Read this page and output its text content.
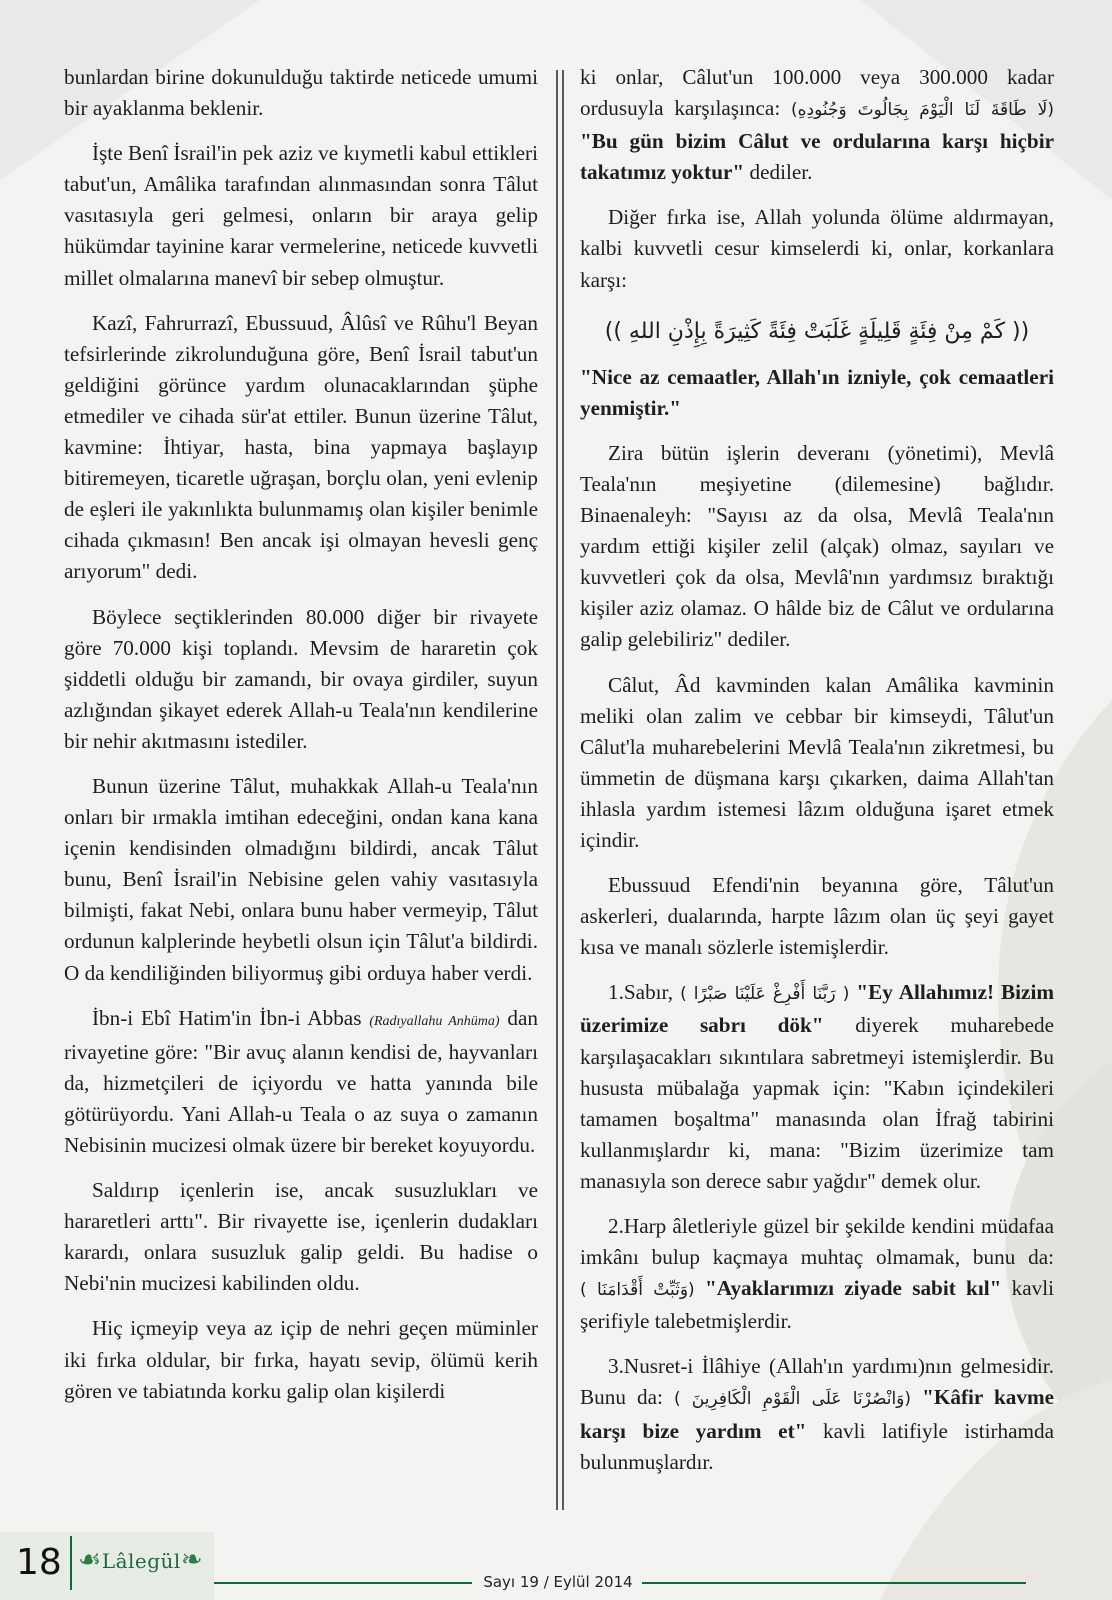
bunlardan birine dokunulduğu taktirde neticede umumi bir ayaklanma beklenir.

İşte Benî İsrail'in pek aziz ve kıymetli kabul ettikleri tabut'un, Amâlika tarafından alınmasından sonra Tâlut vasıtasıyla geri gelmesi, onların bir araya gelip hükümdar tayinine karar vermelerine, neticede kuvvetli millet olmalarına manevî bir sebep olmuştur.

Kazî, Fahrurrazî, Ebussuud, Âlûsî ve Rûhu'l Beyan tefsirlerinde zikrolunduğuna göre, Benî İsrail tabut'un geldiğini görünce yardım olunacaklarından şüphe etmediler ve cihada sür'at ettiler. Bunun üzerine Tâlut, kavmine: İhtiyar, hasta, bina yapmaya başlayıp bitiremeyen, ticaretle uğraşan, borçlu olan, yeni evlenip de eşleri ile yakınlıkta bulunmamış olan kişiler benimle cihada çıkmasın! Ben ancak işi olmayan hevesli genç arıyorum" dedi.

Böylece seçtiklerinden 80.000 diğer bir rivayete göre 70.000 kişi toplandı. Mevsim de hararetin çok şiddetli olduğu bir zamandı, bir ovaya girdiler, suyun azlığından şikayet ederek Allah-u Teala'nın kendilerine bir nehir akıtmasını istediler.

Bunun üzerine Tâlut, muhakkak Allah-u Teala'nın onları bir ırmakla imtihan edeceğini, ondan kana kana içenin kendisinden olmadığını bildirdi, ancak Tâlut bunu, Benî İsrail'in Nebisine gelen vahiy vasıtasıyla bilmişti, fakat Nebi, onlara bunu haber vermeyip, Tâlut ordunun kalplerinde heybetli olsun için Tâlut'a bildirdi. O da kendiliğinden biliyormuş gibi orduya haber verdi.

İbn-i Ebî Hatim'in İbn-i Abbas (Radıyallahu Anhüma) dan rivayetine göre: "Bir avuç alanın kendisi de, hayvanları da, hizmetçileri de içiyordu ve hatta yanında bile götürüyordu. Yani Allah-u Teala o az suya o zamanın Nebisinin mucizesi olmak üzere bir bereket koyuyordu.

Saldırıp içenlerin ise, ancak susuzlukları ve hararetleri arttı". Bir rivayette ise, içenlerin dudakları karardı, onlara susuzluk galip geldi. Bu hadise o Nebi'nin mucizesi kabilinden oldu.

Hiç içmeyip veya az içip de nehri geçen müminler iki fırka oldular, bir fırka, hayatı sevip, ölümü kerih gören ve tabiatında korku galip olan kişilerdi

ki onlar, Câlut'un 100.000 veya 300.000 kadar ordusuyla karşılaşınca: (لَا طَاقَةَ لَنَا الْيَوْمَ بِجَالُوتَ وَجُنُودِهِ) "Bu gün bizim Câlut ve ordularına karşı hiçbir takatımız yoktur" dediler.

Diğer fırka ise, Allah yolunda ölüme aldırmayan, kalbi kuvvetli cesur kimselerdi ki, onlar, korkanlara karşı:

(( كَمْ مِنْ فِئَةٍ قَلِيلَةٍ غَلَبَتْ فِئَةً كَثِيرَةً بِإِذْنِ اللهِ ))

"Nice az cemaatler, Allah'ın izniyle, çok cemaatleri yenmiştir."

Zira bütün işlerin deveranı (yönetimi), Mevlâ Teala'nın meşiyetine (dilemesine) bağlıdır. Binaenaleyh: "Sayısı az da olsa, Mevlâ Teala'nın yardım ettiği kişiler zelil (alçak) olmaz, sayıları ve kuvvetleri çok da olsa, Mevlâ'nın yardımsız bıraktığı kişiler aziz olamaz. O hâlde biz de Câlut ve ordularına galip gelebiliriz" dediler.

Câlut, Âd kavminden kalan Amâlika kavminin meliki olan zalim ve cebbar bir kimseydi, Tâlut'un Câlut'la muharebelerini Mevlâ Teala'nın zikretmesi, bu ümmetin de düşmana karşı çıkarken, daima Allah'tan ihlasla yardım istemesi lâzım olduğuna işaret etmek içindir.

Ebussuud Efendi'nin beyanına göre, Tâlut'un askerleri, dualarında, harpte lâzım olan üç şeyi gayet kısa ve manalı sözlerle istemişlerdir.

1.Sabır, ( رَبَّنَا أَفْرِغْ عَلَيْنَا صَبْرًا ) "Ey Allahımız! Bizim üzerimize sabrı dök" diyerek muharebede karşılaşacakları sıkıntılara sabretmeyi istemişlerdir. Bu hususta mübalağa yapmak için: "Kabın içindekileri tamamen boşaltma" manasında olan İfrağ tabirini kullanmışlardır ki, mana: "Bizim üzerimize tam manasıyla son derece sabır yağdır" demek olur.

2.Harp âletleriyle güzel bir şekilde kendini müdafaa imkânı bulup kaçmaya muhtaç olmamak, bunu da: (وَثَبِّتْ أَقْدَامَنَا ) "Ayaklarımızı ziyade sabit kıl" kavli şerifiyle talebetmişlerdir.

3.Nusret-i İlâhiye (Allah'ın yardımı)nın gelmesidir. Bunu da: (وَانْصُرْنَا عَلَى الْقَوْمِ الْكَافِرِينَ ) "Kâfir kavme karşı bize yardım et" kavli latifiyle istirhamda bulunmuşlardır.

18 ☙Lâlegül❧
Sayı 19 / Eylül 2014
